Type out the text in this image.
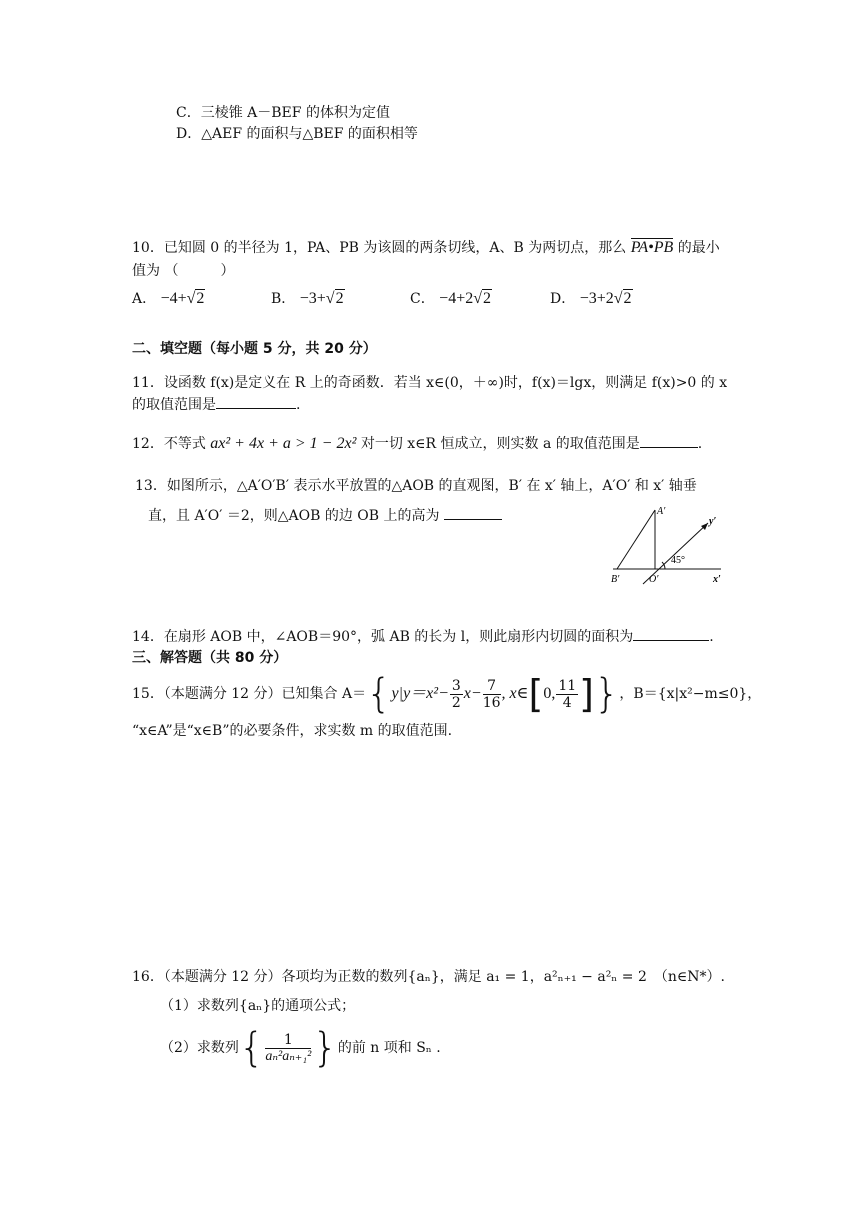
C．三棱锥 A－BEF 的体积为定值
D．△AEF 的面积与△BEF 的面积相等
10．已知圆 0 的半径为 1，PA、PB 为该圆的两条切线，A、B 为两切点，那么 PA•PB 的最小
值为 （　　　）
A． −4+√2	B． −3+√2	C． −4+2√2	D． −3+2√2
二、填空题（每小题 5 分，共 20 分）
11．设函数 f(x)是定义在 R 上的奇函数．若当 x∈(0，＋∞)时，f(x)＝lgx，则满足 f(x)>0 的 x
的取值范围是	.
12．不等式 ax² + 4x + a > 1 − 2x² 对一切 x∈R 恒成立，则实数 a 的取值范围是	.
13．如图所示，△A′O′B′ 表示水平放置的△AOB 的直观图，B′ 在 x′ 轴上，A′O′ 和 x′ 轴垂
直，且 A′O′ ＝2，则△AOB 的边 OB 上的高为	A′
y′
45°
B′	O′	x′
14．在扇形 AOB 中，∠AOB＝90°，弧 AB 的长为 l，则此扇形内切圆的面积为	.
三、解答题（共 80 分）
15．（本题满分 12 分）已知集合 $A=\{y|y=x^2- \frac{3}{2} x- \frac{7}{16}$ , x∈[0, $\frac{11}{4}$ ]}，B＝{x|x²−m≤0}，
“x∈A”是“x∈B”的必要条件，求实数 m 的取值范围.
16．（本题满分 12 分）各项均为正数的数列{aₙ}，满足 a₁ = 1，a²ₙ₊₁ − a²ₙ = 2　（n∈N*）.
（1）求数列{aₙ}的通项公式；
（2）求数列{ $\frac{1}{\text{aₙ²aₙ₊₁²}}$ }的前 n 项和 Sₙ .
